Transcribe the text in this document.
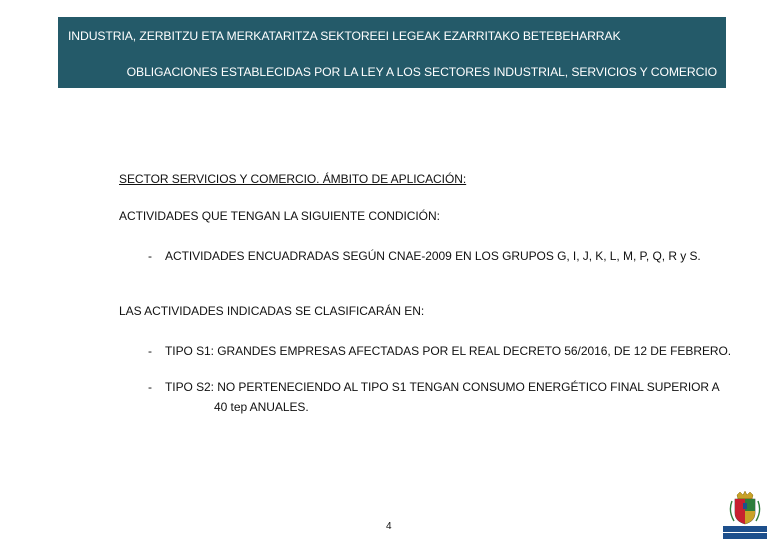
INDUSTRIA, ZERBITZU ETA MERKATARITZA SEKTOREEI LEGEAK EZARRITAKO BETEBEHARRAK
OBLIGACIONES ESTABLECIDAS POR LA LEY A LOS SECTORES INDUSTRIAL, SERVICIOS Y COMERCIO
SECTOR SERVICIOS Y COMERCIO. ÁMBITO DE APLICACIÓN:
ACTIVIDADES QUE TENGAN LA SIGUIENTE CONDICIÓN:
- ACTIVIDADES ENCUADRADAS SEGÚN CNAE-2009 EN LOS GRUPOS G, I, J, K, L, M, P, Q, R y S.
LAS ACTIVIDADES INDICADAS SE CLASIFICARÁN EN:
- TIPO S1: GRANDES EMPRESAS AFECTADAS POR EL REAL DECRETO 56/2016, DE 12 DE FEBRERO.
- TIPO S2: NO PERTENECIENDO AL TIPO S1 TENGAN CONSUMO ENERGÉTICO FINAL SUPERIOR A
40 tep ANUALES.
4
